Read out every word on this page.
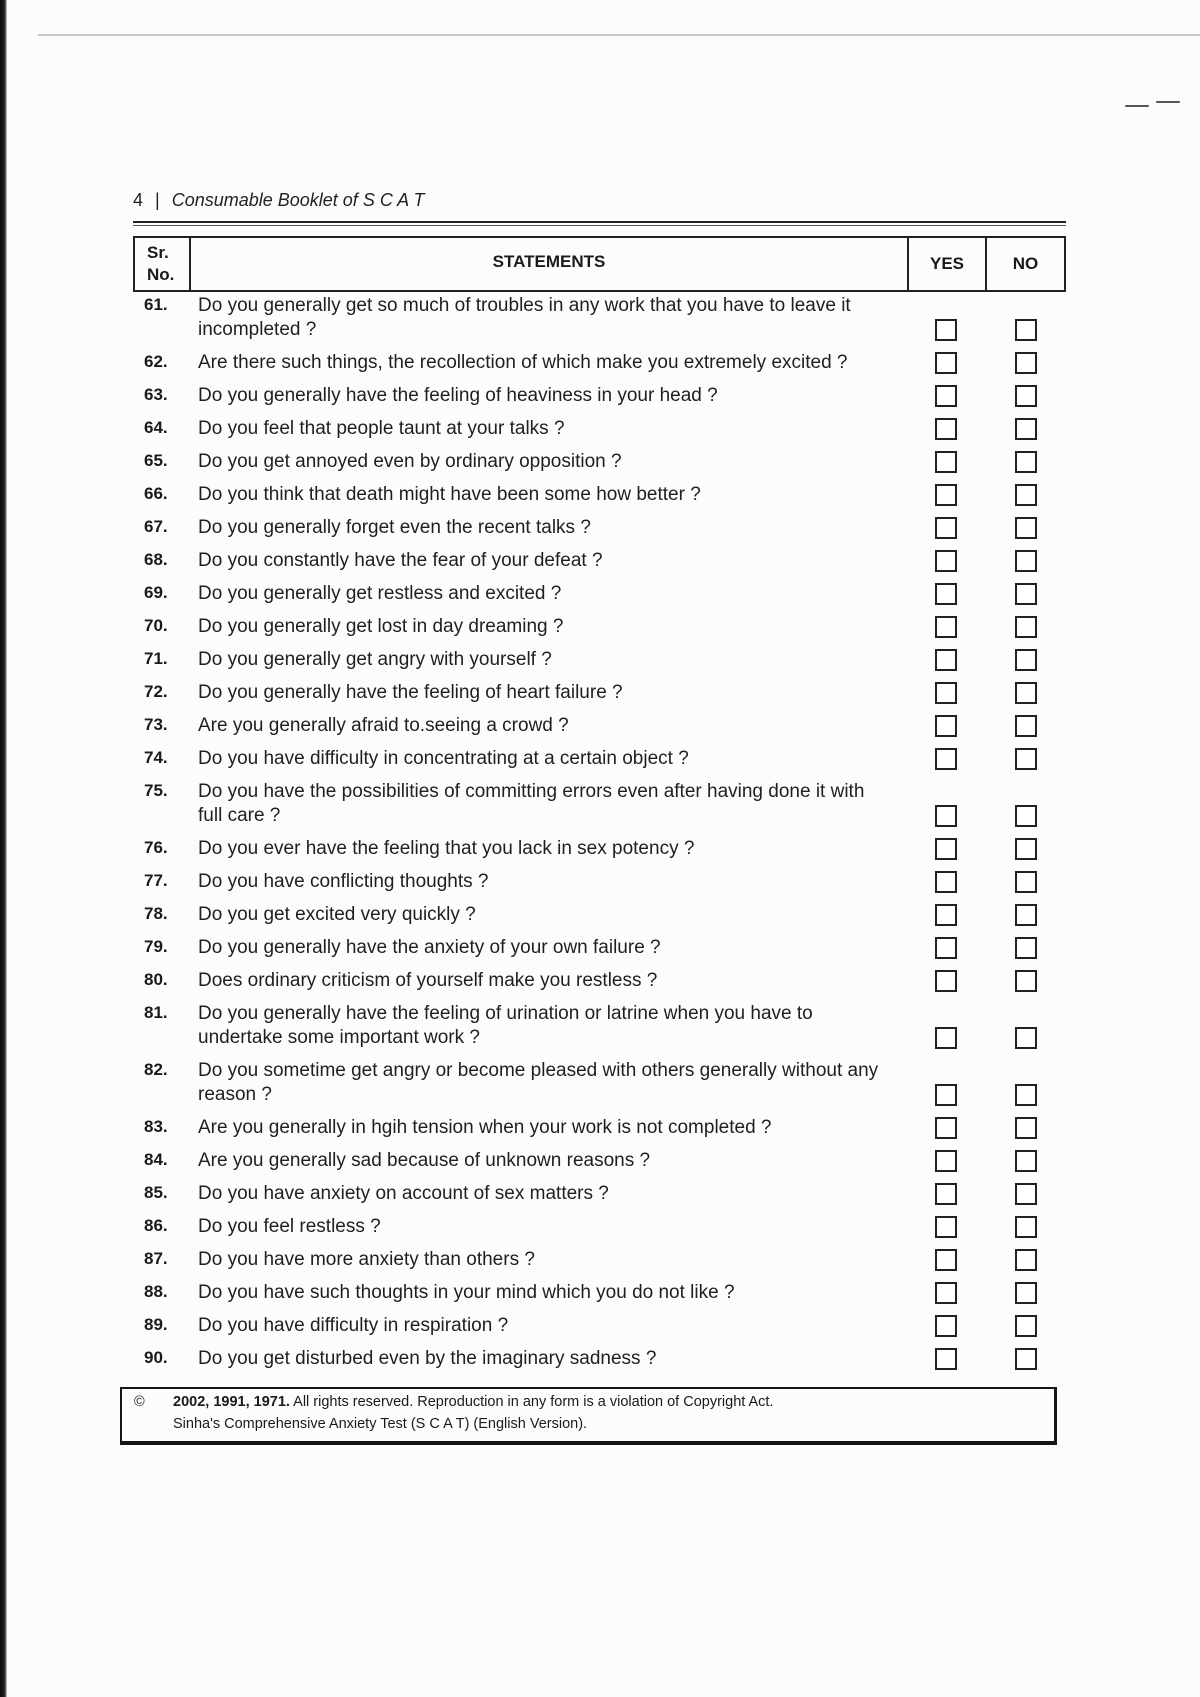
4 | Consumable Booklet of S C A T
Sr.
No.
STATEMENTS	YES	NO
61.	Do you generally get so much of troubles in any work that you have to leave it
incompleted ?
62.	Are there such things, the recollection of which make you extremely excited ?
63.	Do you generally have the feeling of heaviness in your head ?
64.	Do you feel that people taunt at your talks ?
65.	Do you get annoyed even by ordinary opposition ?
66.	Do you think that death might have been some how better ?
67.	Do you generally forget even the recent talks ?
68.	Do you constantly have the fear of your defeat ?
69.	Do you generally get restless and excited ?
70.	Do you generally get lost in day dreaming ?
71.	Do you generally get angry with yourself ?
72.	Do you generally have the feeling of heart failure ?
73.	Are you generally afraid to.seeing a crowd ?
74.	Do you have difficulty in concentrating at a certain object ?
75.	Do you have the possibilities of committing errors even after having done it with
full care ?
76.	Do you ever have the feeling that you lack in sex potency ?
77.	Do you have conflicting thoughts ?
78.	Do you get excited very quickly ?
79.	Do you generally have the anxiety of your own failure ?
80.	Does ordinary criticism of yourself make you restless ?
81.	Do you generally have the feeling of urination or latrine when you have to
undertake some important work ?
82.	Do you sometime get angry or become pleased with others generally without any
reason ?
83.	Are you generally in hgih tension when your work is not completed ?
84.	Are you generally sad because of unknown reasons ?
85.	Do you have anxiety on account of sex matters ?
86.	Do you feel restless ?
87.	Do you have more anxiety than others ?
88.	Do you have such thoughts in your mind which you do not like ?
89.	Do you have difficulty in respiration ?
90.	Do you get disturbed even by the imaginary sadness ?
© 2002, 1991, 1971. All rights reserved. Reproduction in any form is a violation of Copyright Act.
Sinha's Comprehensive Anxiety Test (S C A T) (English Version).
